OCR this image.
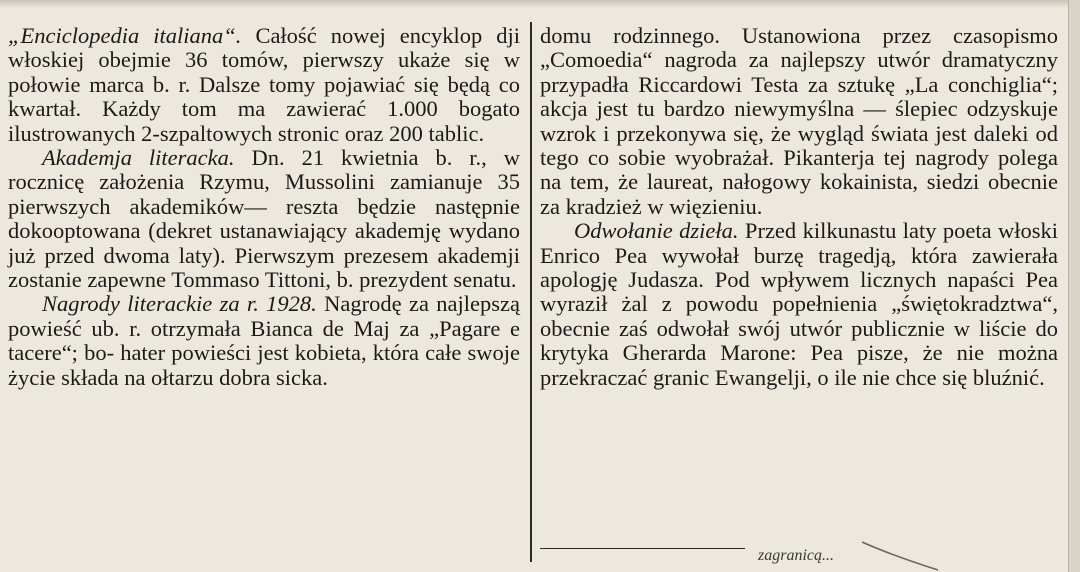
„Enciclopedia italiana“. Całość nowej encyklop dji włoskiej obejmie 36 tomów, pierwszy ukaże się w połowie marca b. r. Dalsze tomy pojawiać się będą co kwartał. Każdy tom ma zawierać 1.000 bogato ilustrowanych 2-szpaltowych stronic oraz 200 tablic.

Akademja literacka. Dn. 21 kwietnia b. r., w rocznicę założenia Rzymu, Mussolini zamianuje 35 pierwszych akademików— reszta będzie następnie dokooptowana (dekret ustanawiający akademję wydano już przed dwoma laty). Pierwszym prezesem akademji zostanie zapewne Tommaso Tittoni, b. prezydent senatu.

Nagrody literackie za r. 1928. Nagrodę za najlepszą powieść ub. r. otrzymała Bianca de Maj za „Pagare e tacere“; bo- hater powieści jest kobieta, która całe swoje życie składa na ołtarzu dobra sicka.

domu rodzinnego. Ustanowiona przez czasopismo „Comoedia“ nagroda za najlepszy utwór dramatyczny przypadła Riccardowi Testa za sztukę „La conchiglia“; akcja jest tu bardzo niewymyślna — ślepiec odzyskuje wzrok i przekonywa się, że wygląd świata jest daleki od tego co sobie wyobrażał. Pikanterja tej nagrody polega na tem, że laureat, nałogowy kokainista, siedzi obecnie za kradzież w więzieniu.

Odwołanie dzieła. Przed kilkunastu laty poeta włoski Enrico Pea wywołał burzę tragedją, która zawierała apologję Judasza. Pod wpływem licznych napaści Pea wyraził żal z powodu popełnienia „świętokradztwa“, obecnie zaś odwołał swój utwór publicznie w liście do krytyka Gherarda Marone: Pea pisze, że nie można przekraczać granic Ewangelji, o ile nie chce się bluźnić.

zagranicą...
